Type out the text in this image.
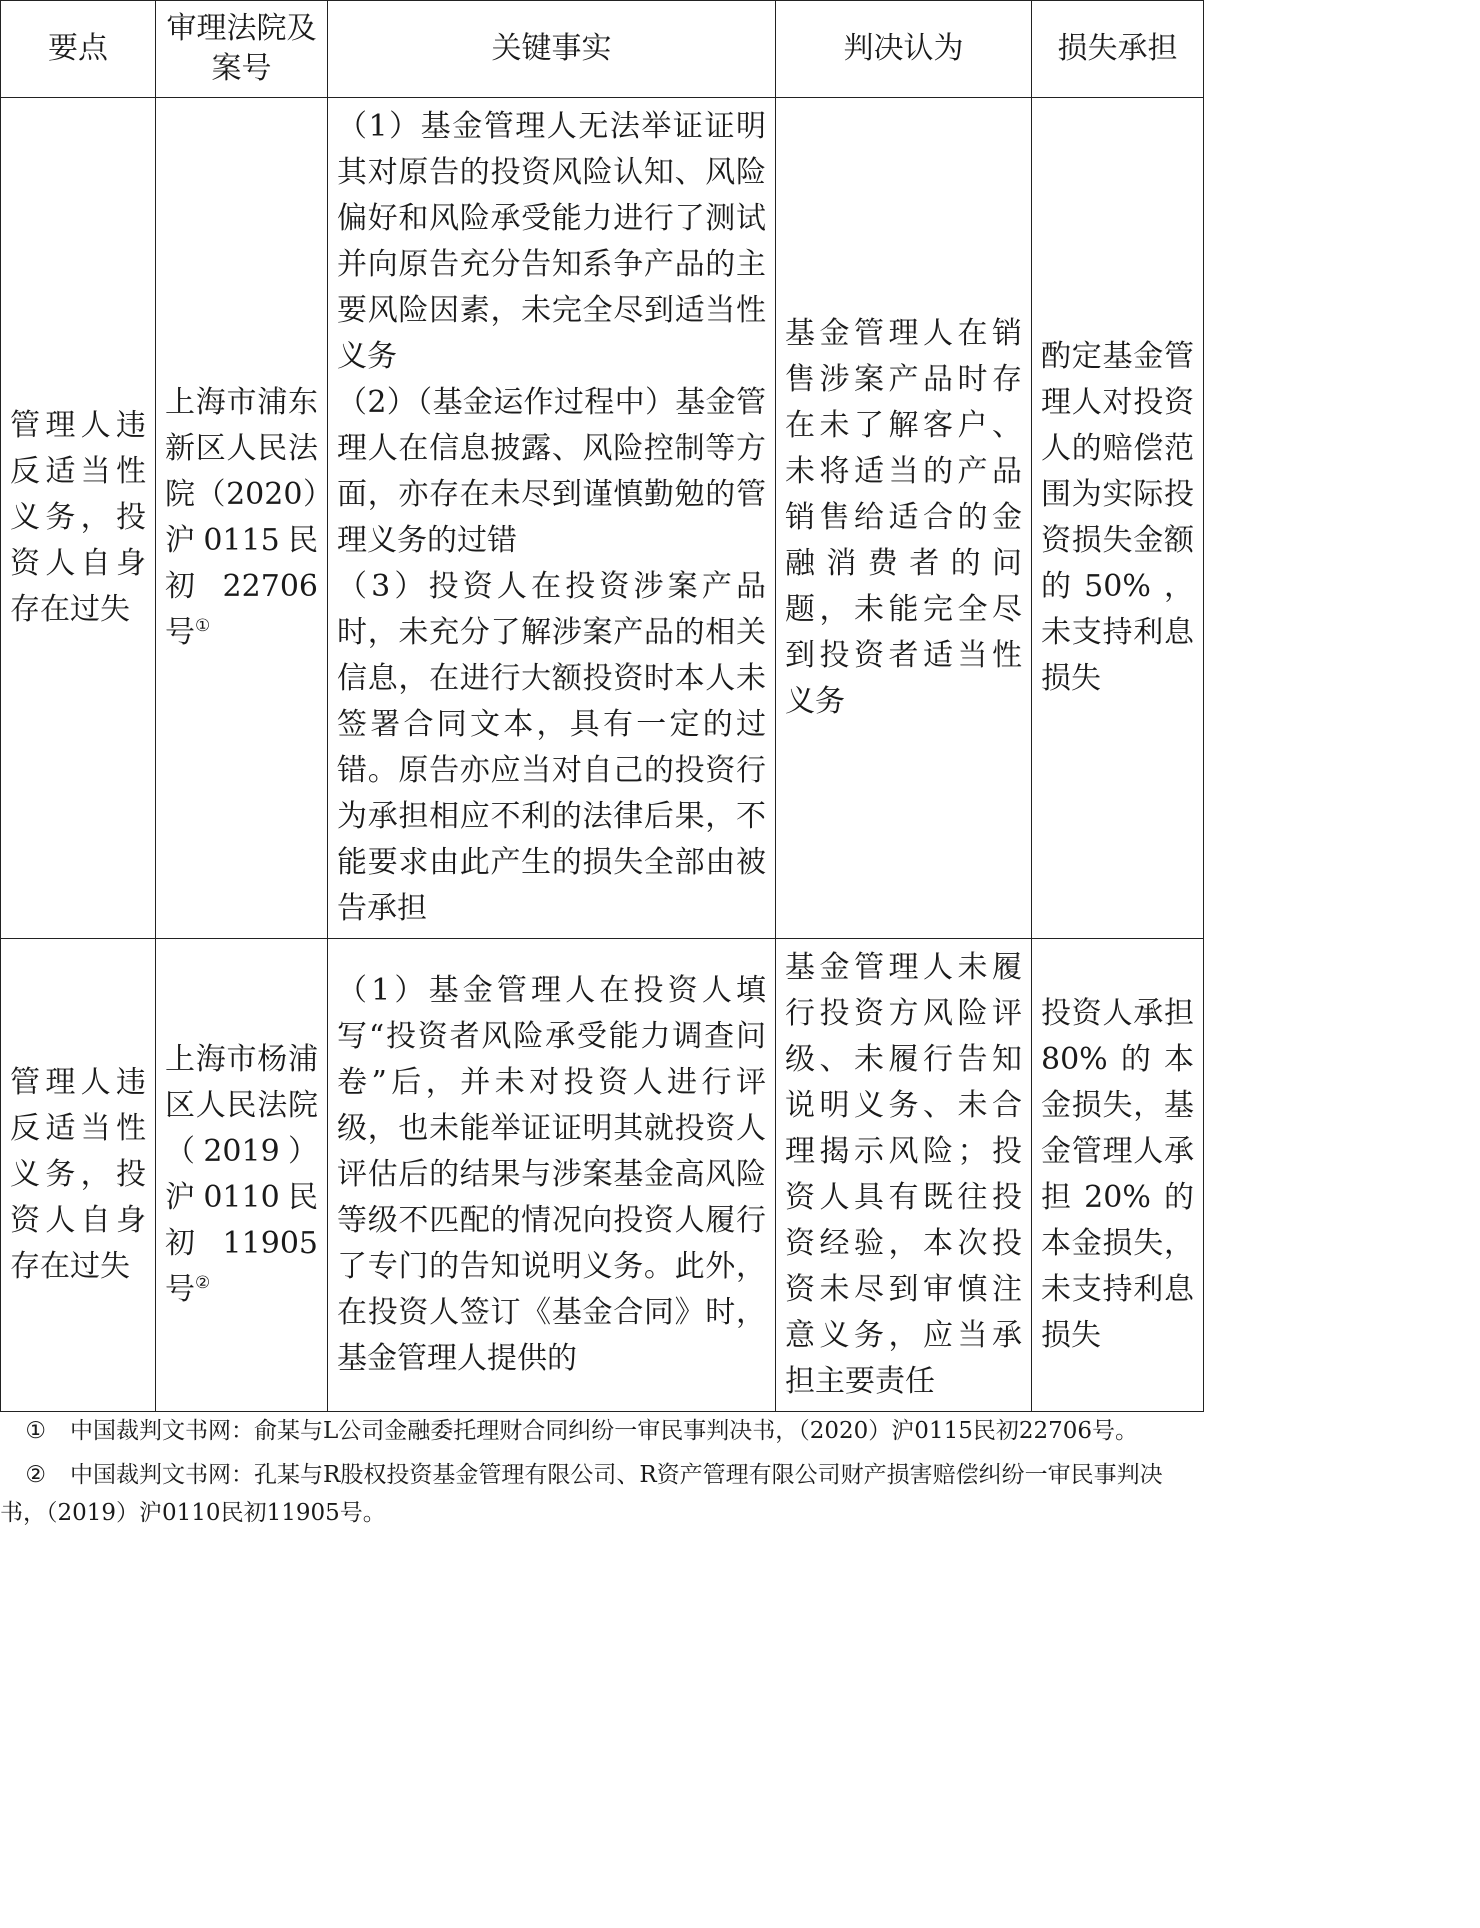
要点	审理法院及案号	关键事实	判决认为	损失承担
管理人违反适当性义务，投资人自身存在过失	上海市浦东新区人民法院（2020）沪0115民初22706号①	（1）基金管理人无法举证证明其对原告的投资风险认知、风险偏好和风险承受能力进行了测试并向原告充分告知系争产品的主要风险因素，未完全尽到适当性义务

（2）（基金运作过程中）基金管理人在信息披露、风险控制等方面，亦存在未尽到谨慎勤勉的管理义务的过错

（3）投资人在投资涉案产品时，未充分了解涉案产品的相关信息，在进行大额投资时本人未签署合同文本，具有一定的过错。原告亦应当对自己的投资行为承担相应不利的法律后果，不能要求由此产生的损失全部由被告承担	基金管理人在销售涉案产品时存在未了解客户、未将适当的产品销售给适合的金融消费者的问题，未能完全尽到投资者适当性义务	酌定基金管理人对投资人的赔偿范围为实际投资损失金额的50%，未支持利息损失
管理人违反适当性义务，投资人自身存在过失	上海市杨浦区人民法院（2019）沪0110民初11905号②	（1）基金管理人在投资人填写“投资者风险承受能力调查问卷”后，并未对投资人进行评级，也未能举证证明其就投资人评估后的结果与涉案基金高风险等级不匹配的情况向投资人履行了专门的告知说明义务。此外，在投资人签订《基金合同》时，基金管理人提供的	基金管理人未履行投资方风险评级、未履行告知说明义务、未合理揭示风险；投资人具有既往投资经验，本次投资未尽到审慎注意义务，应当承担主要责任	投资人承担80%的本金损失，基金管理人承担20%的本金损失，未支持利息损失

① 中国裁判文书网：俞某与L公司金融委托理财合同纠纷一审民事判决书，（2020）沪0115民初22706号。

② 中国裁判文书网：孔某与R股权投资基金管理有限公司、R资产管理有限公司财产损害赔偿纠纷一审民事判决书，（2019）沪0110民初11905号。
